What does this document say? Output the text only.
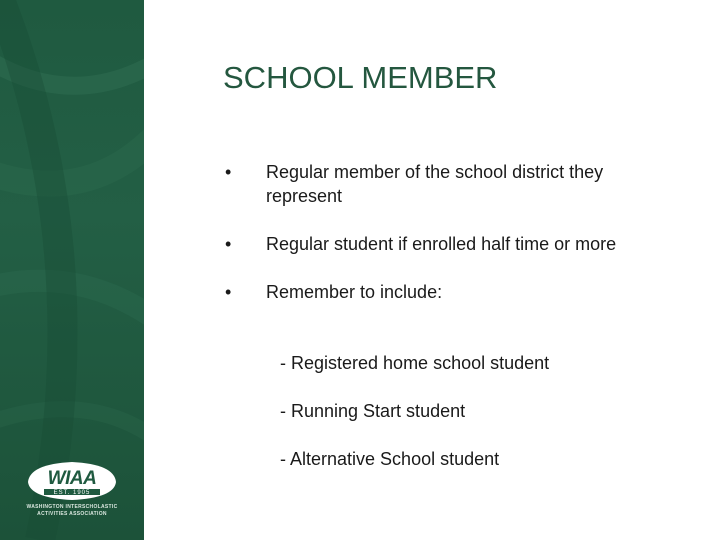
WIAA
EST. 1905
WASHINGTON INTERSCHOLASTIC
ACTIVITIES ASSOCIATION
SCHOOL MEMBER
• Regular member of the school district they represent
• Regular student if enrolled half time or more
• Remember to include:
- Registered home school student
- Running Start student
- Alternative School student
